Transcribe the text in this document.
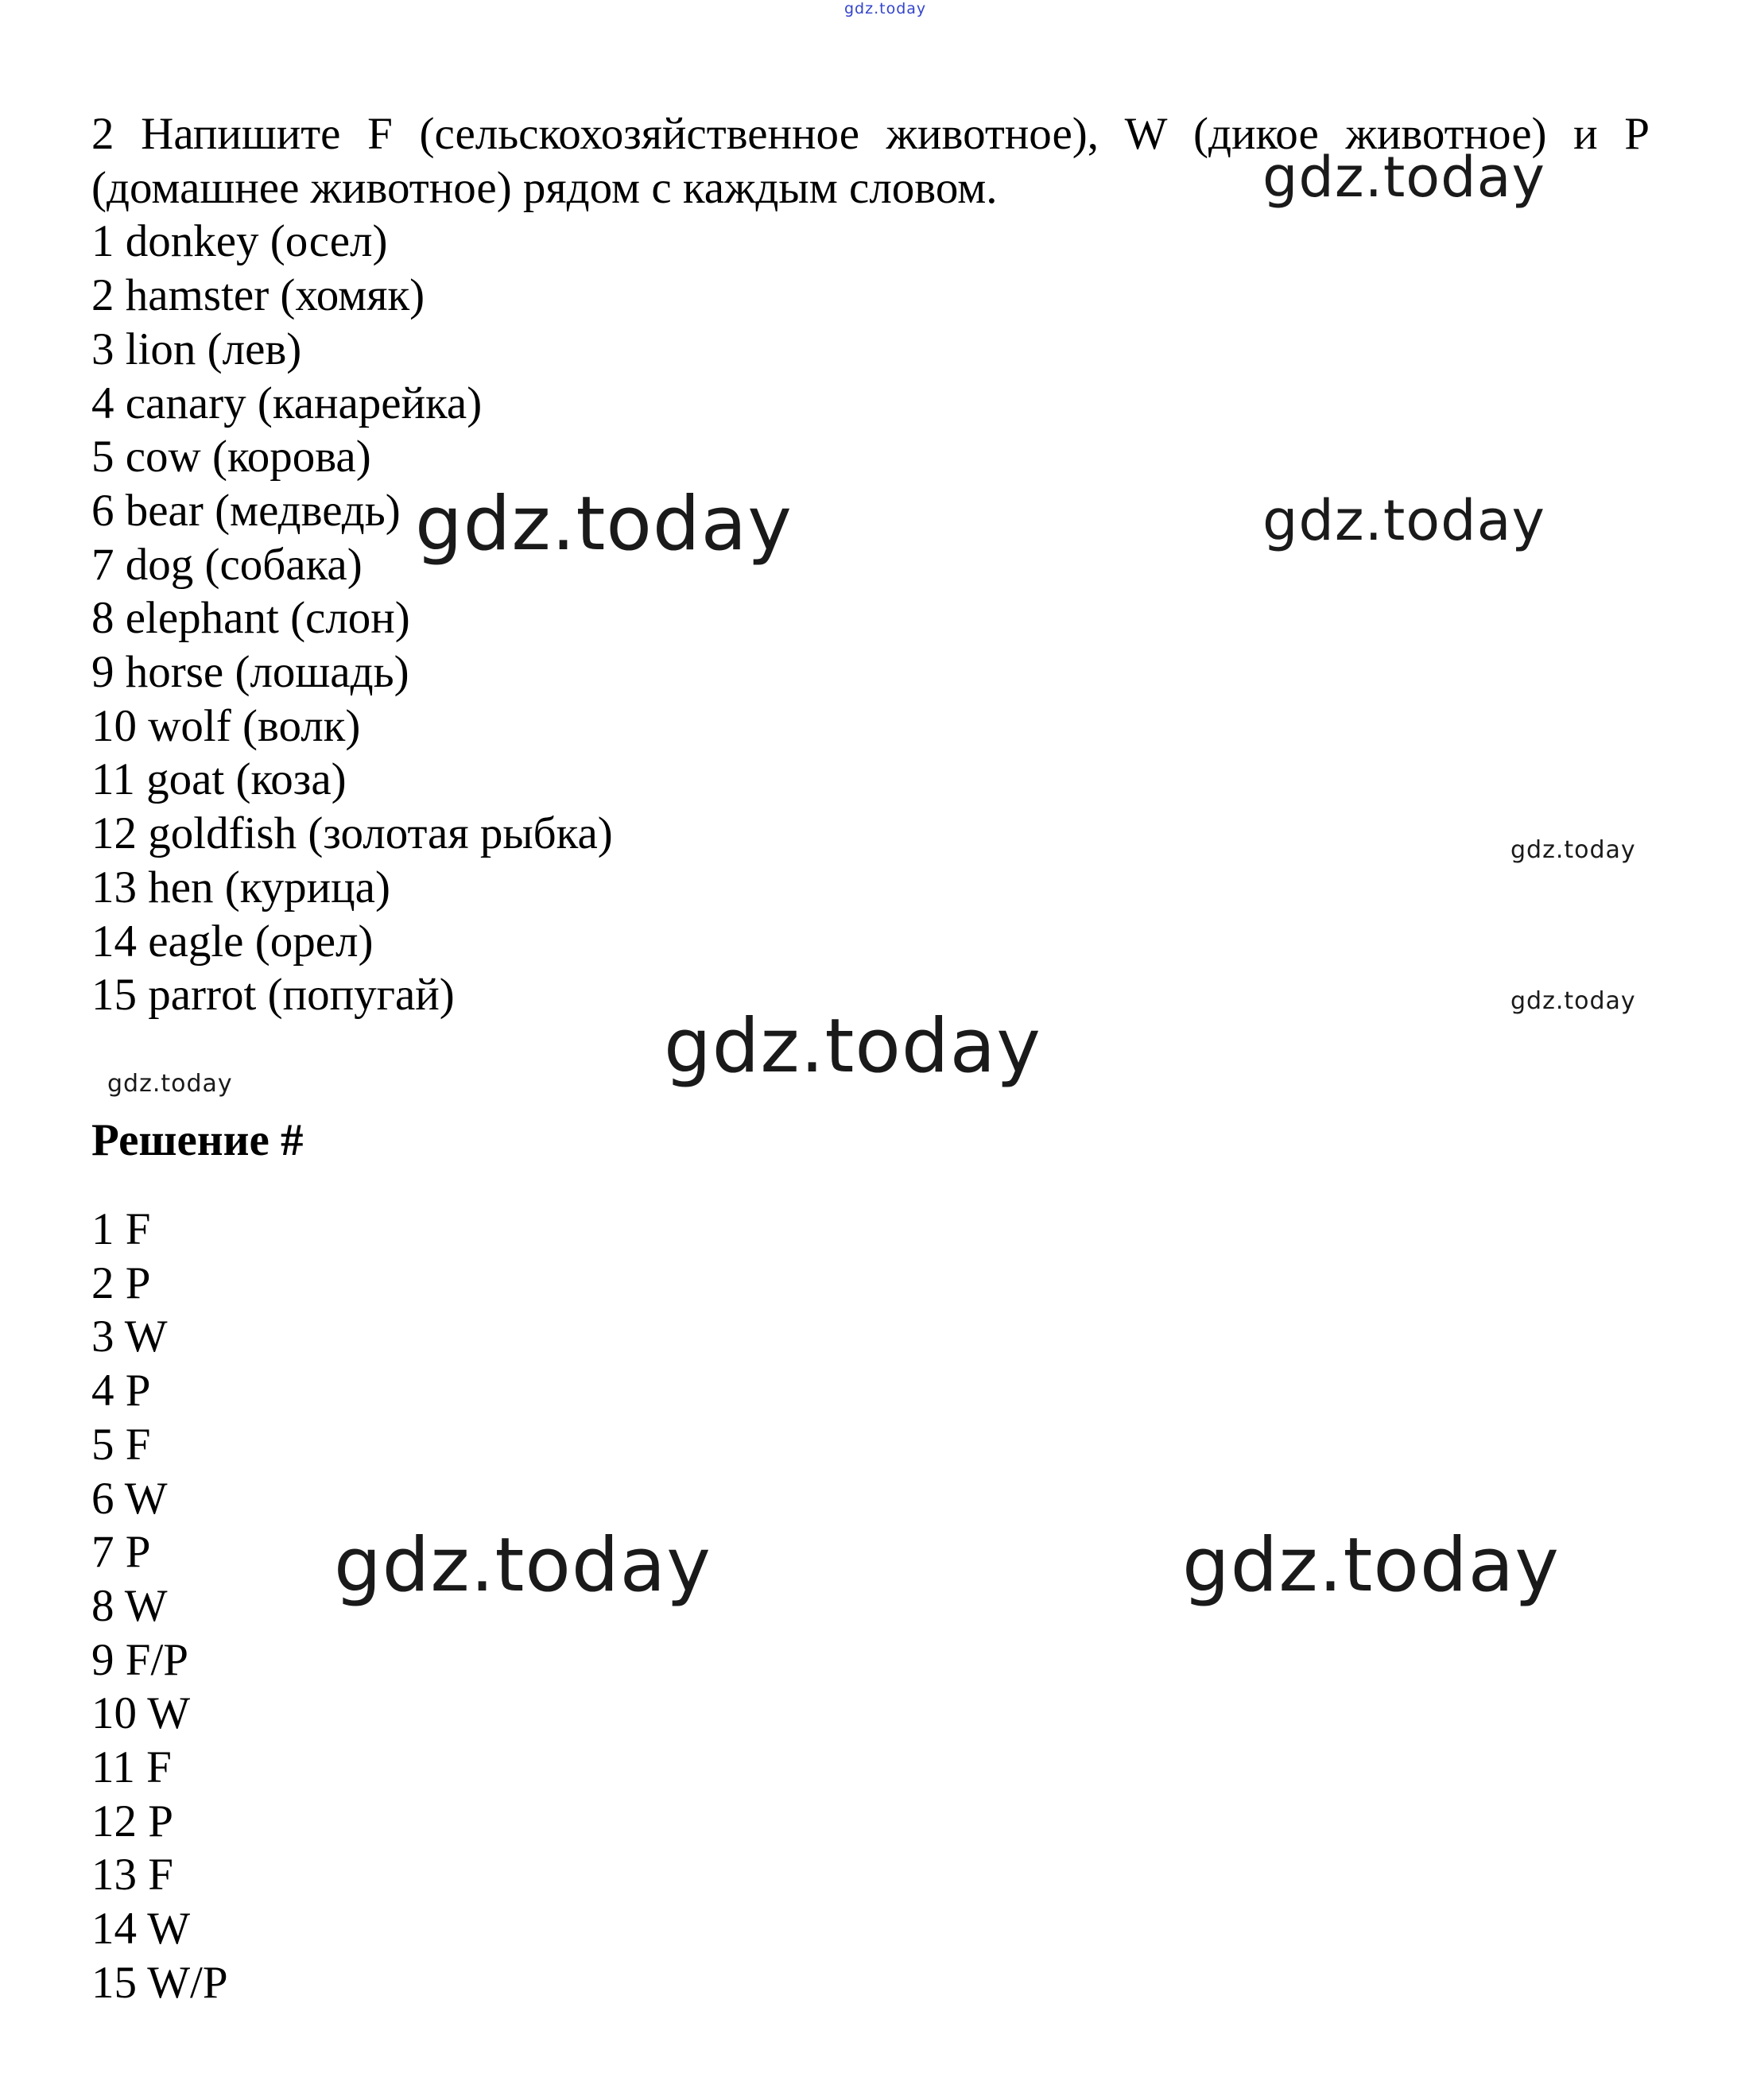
2 Напишите F (сельскохозяйственное животное), W (дикое животное) и P (домашнее животное) рядом с каждым словом.
1 donkey (осел)
2 hamster (хомяк)
3 lion (лев)
4 canary (канарейка)
5 cow (корова)
6 bear (медведь)
7 dog (собака)
8 elephant (слон)
9 horse (лошадь)
10 wolf (волк)
11 goat (коза)
12 goldfish (золотая рыбка)
13 hen (курица)
14 eagle (орел)
15 parrot (попугай)
Решение #
1 F
2 P
3 W
4 P
5 F
6 W
7 P
8 W
9 F/P
10 W
11 F
12 P
13 F
14 W
15 W/P
gdz.today
gdz.today
gdz.today	gdz.today
gdz.today
gdz.today
gdz.today
gdz.today
gdz.today	gdz.today
